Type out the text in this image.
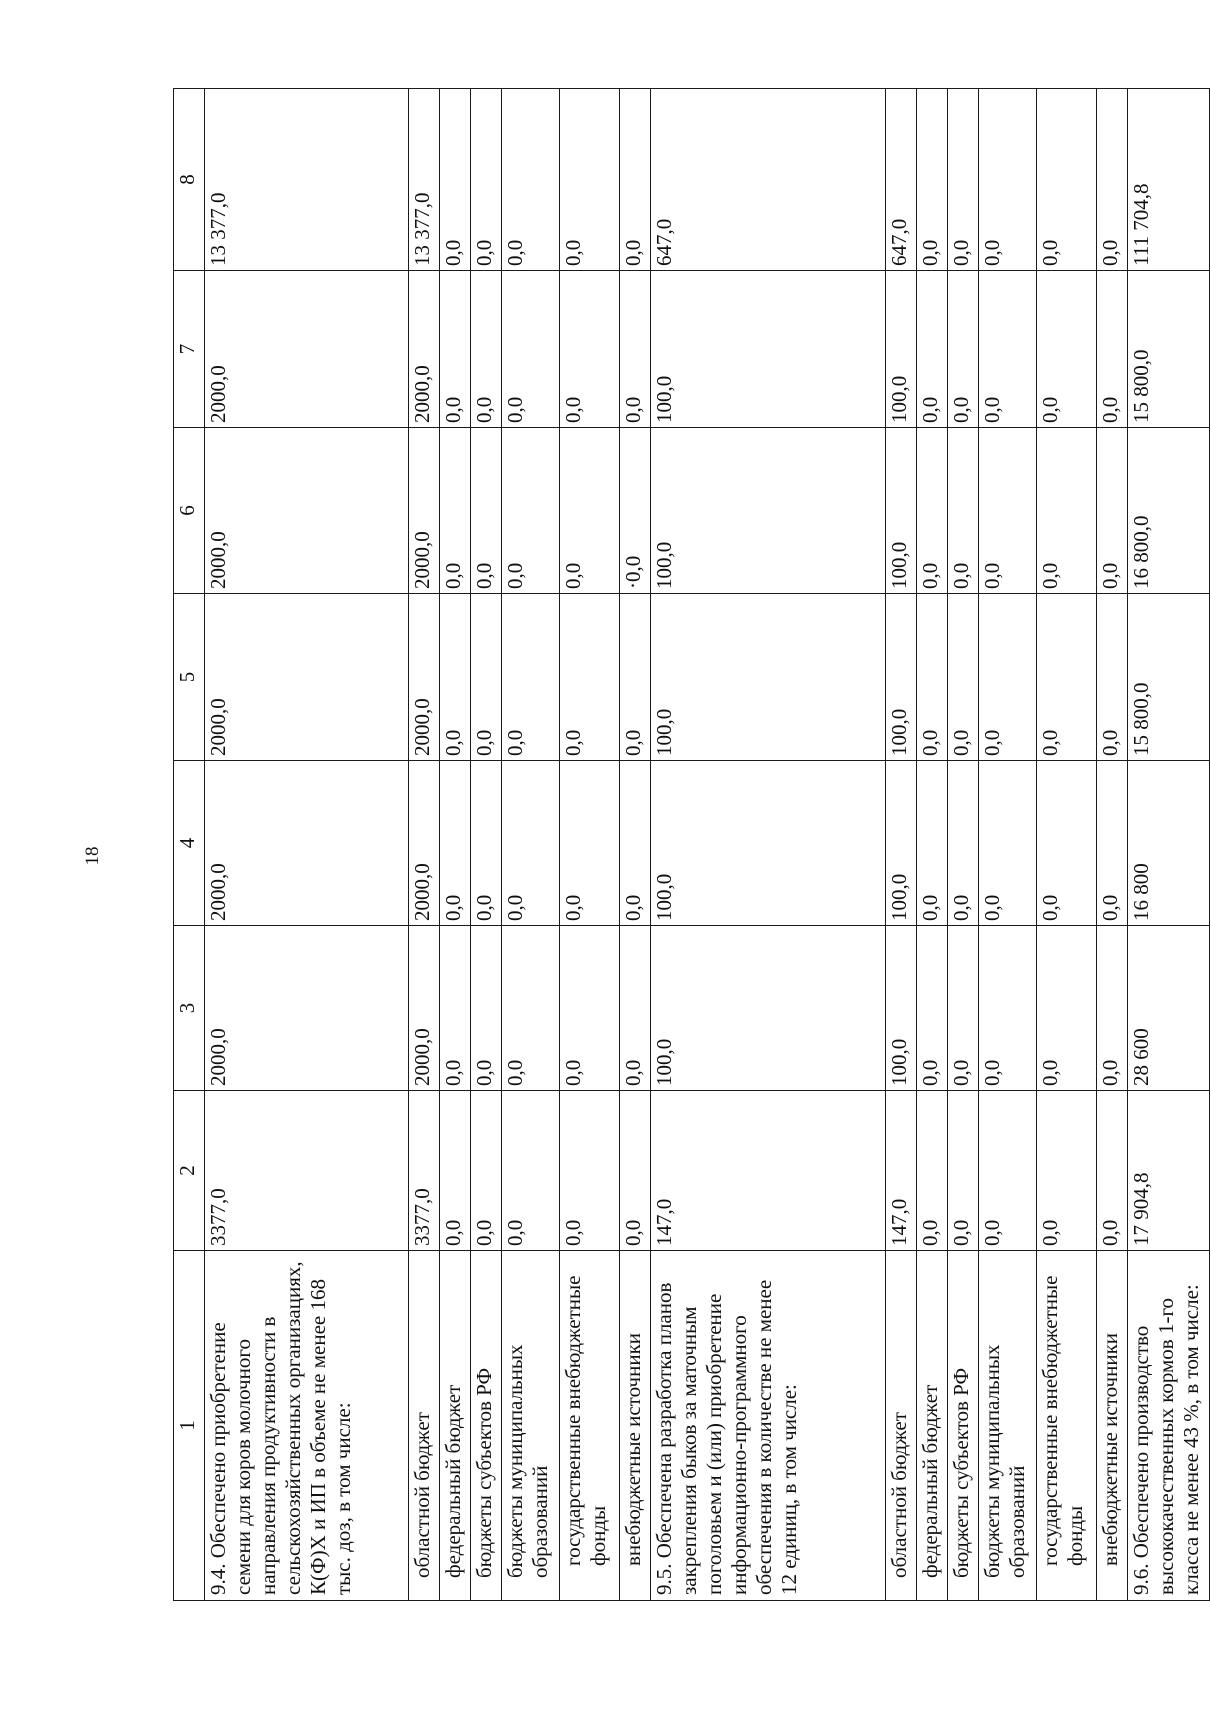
18
1	2	3	4	5	6	7	8
9.4. Обеспечено приобретение семени для коров молочного направления продуктивности в сельскохозяйственных организациях, К(Ф)Х и ИП в объеме не менее 168 тыс. доз, в том числе:	3377,0	2000,0	2000,0	2000,0	2000,0	2000,0	13 377,0
областной бюджет	3377,0	2000,0	2000,0	2000,0	2000,0	2000,0	13 377,0
федеральный бюджет	0,0	0,0	0,0	0,0	0,0	0,0	0,0
бюджеты субъектов РФ	0,0	0,0	0,0	0,0	0,0	0,0	0,0
бюджеты муниципальных образований	0,0	0,0	0,0	0,0	0,0	0,0	0,0
государственные внебюджетные фонды	0,0	0,0	0,0	0,0	0,0	0,0	0,0
внебюджетные источники	0,0	0,0	0,0	0,0	·0,0	0,0	0,0
9.5. Обеспечена разработка планов закрепления быков за маточным поголовьем и (или) приобретение информационно-программного обеспечения в количестве не менее 12 единиц, в том числе:	147,0	100,0	100,0	100,0	100,0	100,0	647,0
областной бюджет	147,0	100,0	100,0	100,0	100,0	100,0	647,0
федеральный бюджет	0,0	0,0	0,0	0,0	0,0	0,0	0,0
бюджеты субъектов РФ	0,0	0,0	0,0	0,0	0,0	0,0	0,0
бюджеты муниципальных образований	0,0	0,0	0,0	0,0	0,0	0,0	0,0
государственные внебюджетные фонды	0,0	0,0	0,0	0,0	0,0	0,0	0,0
внебюджетные источники	0,0	0,0	0,0	0,0	0,0	0,0	0,0
9.6. Обеспечено производство высококачественных кормов 1-го класса не менее 43 %, в том числе:	17 904,8	28 600	16 800	15 800,0	16 800,0	15 800,0	111 704,8
